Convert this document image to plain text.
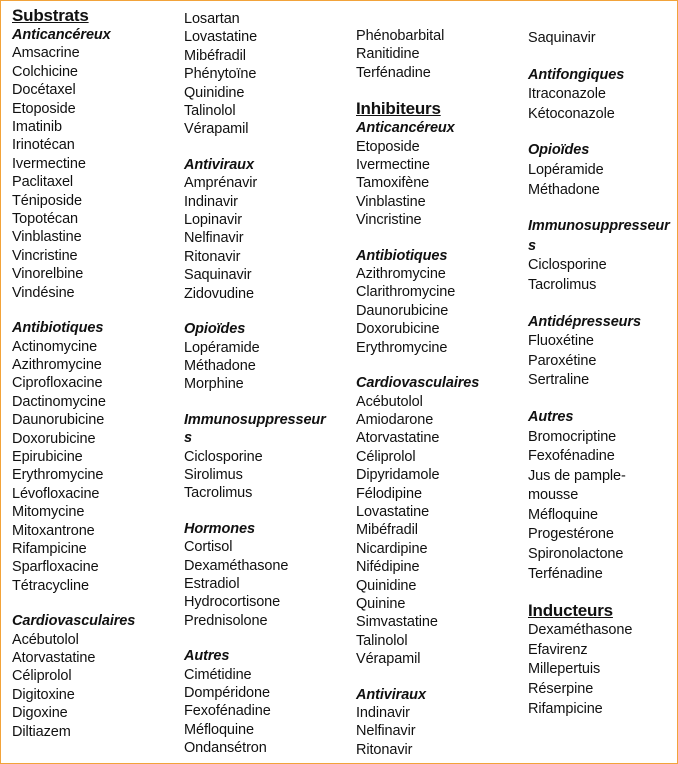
Substrats
Anticancéreux
Amsacrine
Colchicine
Docétaxel
Etoposide
Imatinib
Irinotécan
Ivermectine
Paclitaxel
Téniposide
Topotécan
Vinblastine
Vincristine
Vinorelbine
Vindésine
Antibiotiques
Actinomycine
Azithromycine
Ciprofloxacine
Dactinomycine
Daunorubicine
Doxorubicine
Epirubicine
Erythromycine
Lévofloxacine
Mitomycine
Mitoxantrone
Rifampicine
Sparfloxacine
Tétracycline
Cardiovasculaires
Acébutolol
Atorvastatine
Céliprolol
Digitoxine
Digoxine
Diltiazem
Losartan
Lovastatine
Mibéfradil
Phénytoïne
Quinidine
Talinolol
Vérapamil
Antiviraux
Amprénavir
Indinavir
Lopinavir
Nelfinavir
Ritonavir
Saquinavir
Zidovudine
Opioïdes
Lopéramide
Méthadone
Morphine
Immunosuppresseur
s
Ciclosporine
Sirolimus
Tacrolimus
Hormones
Cortisol
Dexaméthasone
Estradiol
Hydrocortisone
Prednisolone
Autres
Cimétidine
Dompéridone
Fexofénadine
Méfloquine
Ondansétron
Phénobarbital
Ranitidine
Terfénadine
Inhibiteurs
Anticancéreux
Etoposide
Ivermectine
Tamoxifène
Vinblastine
Vincristine
Antibiotiques
Azithromycine
Clarithromycine
Daunorubicine
Doxorubicine
Erythromycine
Cardiovasculaires
Acébutolol
Amiodarone
Atorvastatine
Céliprolol
Dipyridamole
Félodipine
Lovastatine
Mibéfradil
Nicardipine
Nifédipine
Quinidine
Quinine
Simvastatine
Talinolol
Vérapamil
Antiviraux
Indinavir
Nelfinavir
Ritonavir
Saquinavir
Antifongiques
Itraconazole
Kétoconazole
Opioïdes
Lopéramide
Méthadone
Immunosuppresseur
s
Ciclosporine
Tacrolimus
Antidépresseurs
Fluoxétine
Paroxétine
Sertraline
Autres
Bromocriptine
Fexofénadine
Jus de pample-
mousse
Méfloquine
Progestérone
Spironolactone
Terfénadine
Inducteurs
Dexaméthasone
Efavirenz
Millepertuis
Réserpine
Rifampicine
